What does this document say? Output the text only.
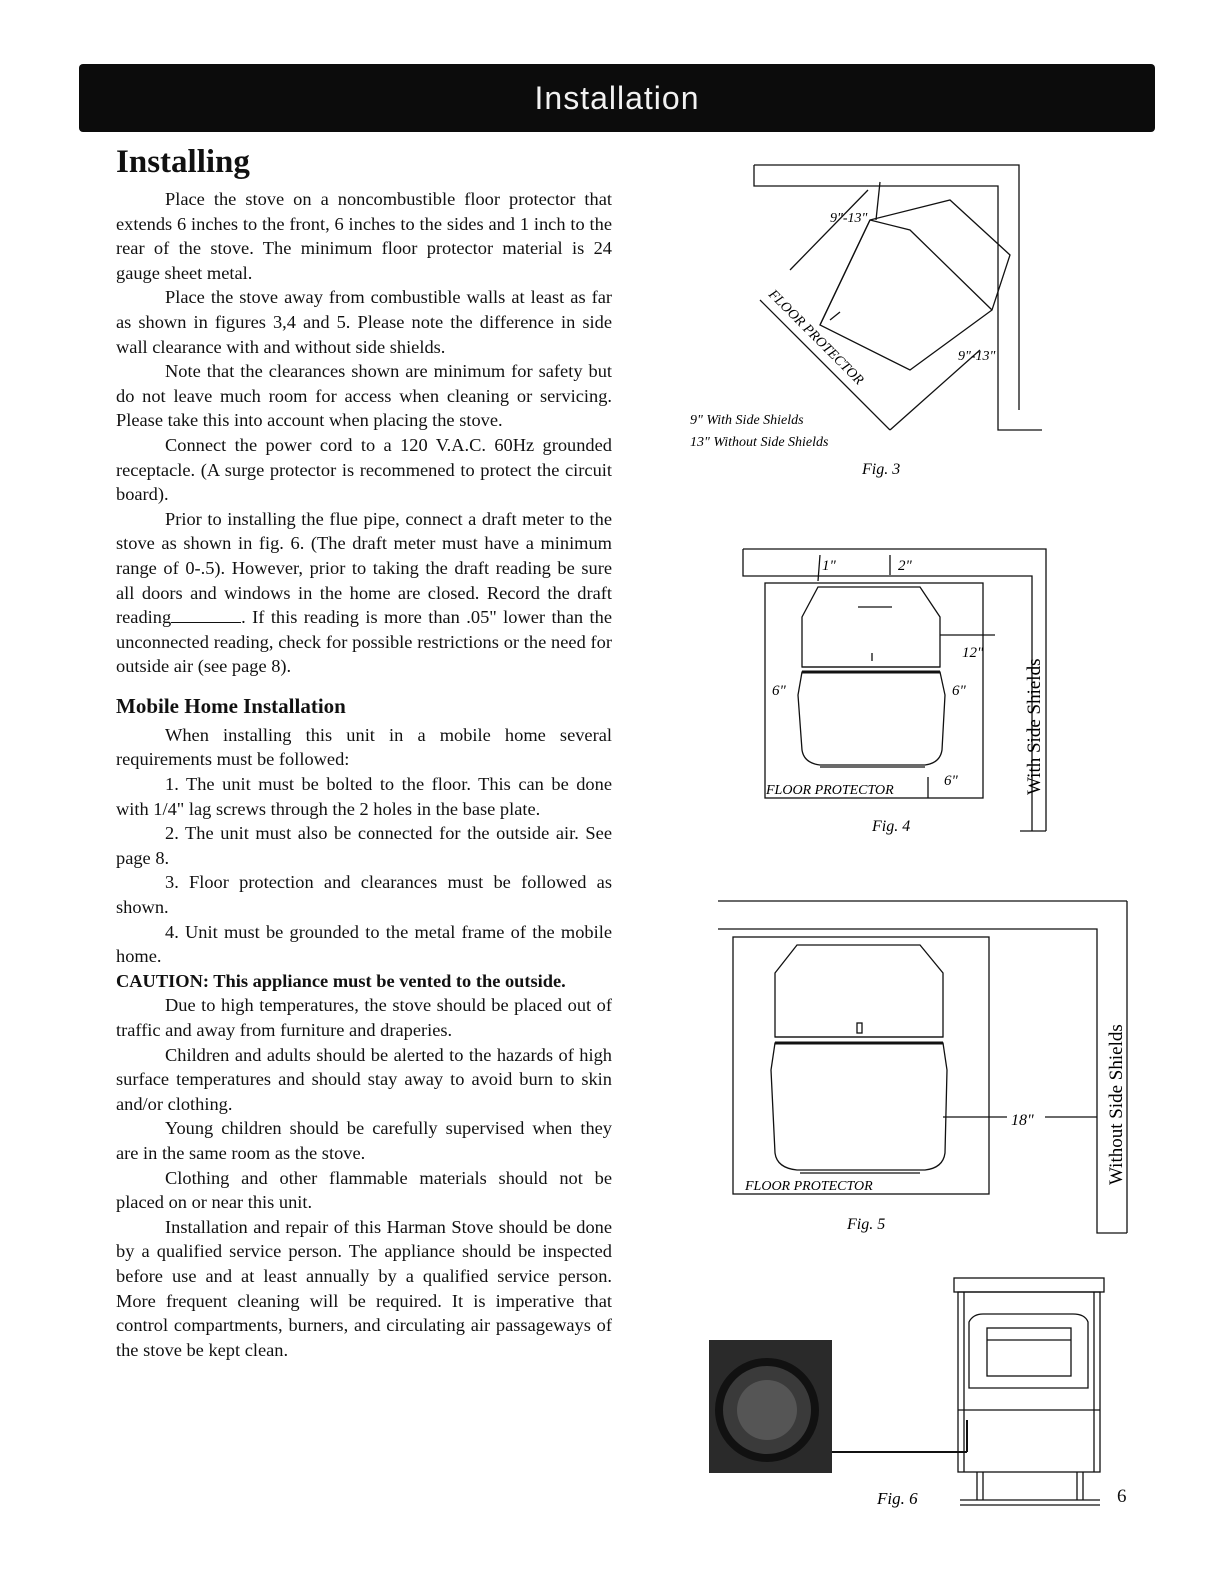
Installation
Installing

Place the stove on a noncombustible floor protector that extends 6 inches to the front, 6 inches to the sides and 1 inch to the rear of the stove. The minimum floor protector material is 24 gauge sheet metal.

Place the stove away from combustible walls at least as far as shown in figures 3,4 and 5. Please note the difference in side wall clearance with and without side shields.

Note that the clearances shown are minimum for safety but do not leave much room for access when cleaning or servicing. Please take this into account when placing the stove.

Connect the power cord to a 120 V.A.C. 60Hz grounded receptacle. (A surge protector is recommened to protect the circuit board).

Prior to installing the flue pipe, connect a draft meter to the stove as shown in fig. 6. (The draft meter must have a minimum range of 0-.5). However, prior to taking the draft reading be sure all doors and windows in the home are closed. Record the draft reading	. If this reading is more than .05" lower than the unconnected reading, check for possible restrictions or the need for outside air (see page 8).

Mobile Home Installation

When installing this unit in a mobile home several requirements must be followed:

1. The unit must be bolted to the floor. This can be done with 1/4" lag screws through the 2 holes in the base plate.

2. The unit must also be connected for the outside air. See page 8.

3. Floor protection and clearances must be followed as shown.

4. Unit must be grounded to the metal frame of the mobile home.

CAUTION: This appliance must be vented to the outside.

Due to high temperatures, the stove should be placed out of traffic and away from furniture and draperies.

Children and adults should be alerted to the hazards of high surface temperatures and should stay away to avoid burn to skin and/or clothing.

Young children should be carefully supervised when they are in the same room as the stove.

Clothing and other flammable materials should not be placed on or near this unit.

Installation and repair of this Harman Stove should be done by a qualified service person. The appliance should be inspected before use and at least annually by a qualified service person. More frequent cleaning will be required. It is imperative that control compartments, burners, and circulating air passageways of the stove be kept clean.

9"-13"
9"-13"
FLOOR PROTECTOR
9" With Side Shields
13" Without Side Shields
Fig. 3
1"	2"
12"
6"	6"
6"
FLOOR PROTECTOR	With Side Shields
Fig. 4
18"
FLOOR PROTECTOR
Without Side Shields
Fig. 5
Fig. 6	6
